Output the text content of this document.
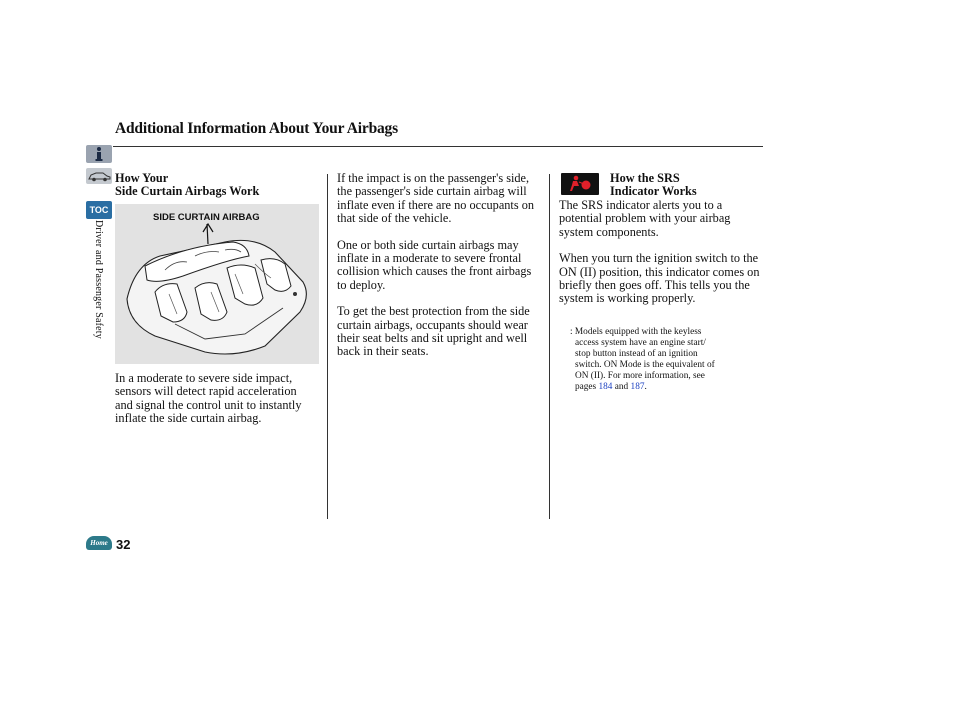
Additional Information About Your Airbags
TOC
Driver and Passenger Safety
How Your
Side Curtain Airbags Work
SIDE CURTAIN AIRBAG

In a moderate to severe side impact, sensors will detect rapid acceleration and signal the control unit to instantly inflate the side curtain airbag.

If the impact is on the passenger's side, the passenger's side curtain airbag will inflate even if there are no occupants on that side of the vehicle.

One or both side curtain airbags may inflate in a moderate to severe frontal collision which causes the front airbags to deploy.

To get the best protection from the side curtain airbags, occupants should wear their seat belts and sit upright and well back in their seats.

How the SRS
Indicator Works

The SRS indicator alerts you to a potential problem with your airbag system components.

When you turn the ignition switch to the ON (II) position, this indicator comes on briefly then goes off. This tells you the system is working properly.

: Models equipped with the keyless
access system have an engine start/
stop button instead of an ignition
switch. ON Mode is the equivalent of
ON (II). For more information, see
pages 184 and 187.
Home 32
